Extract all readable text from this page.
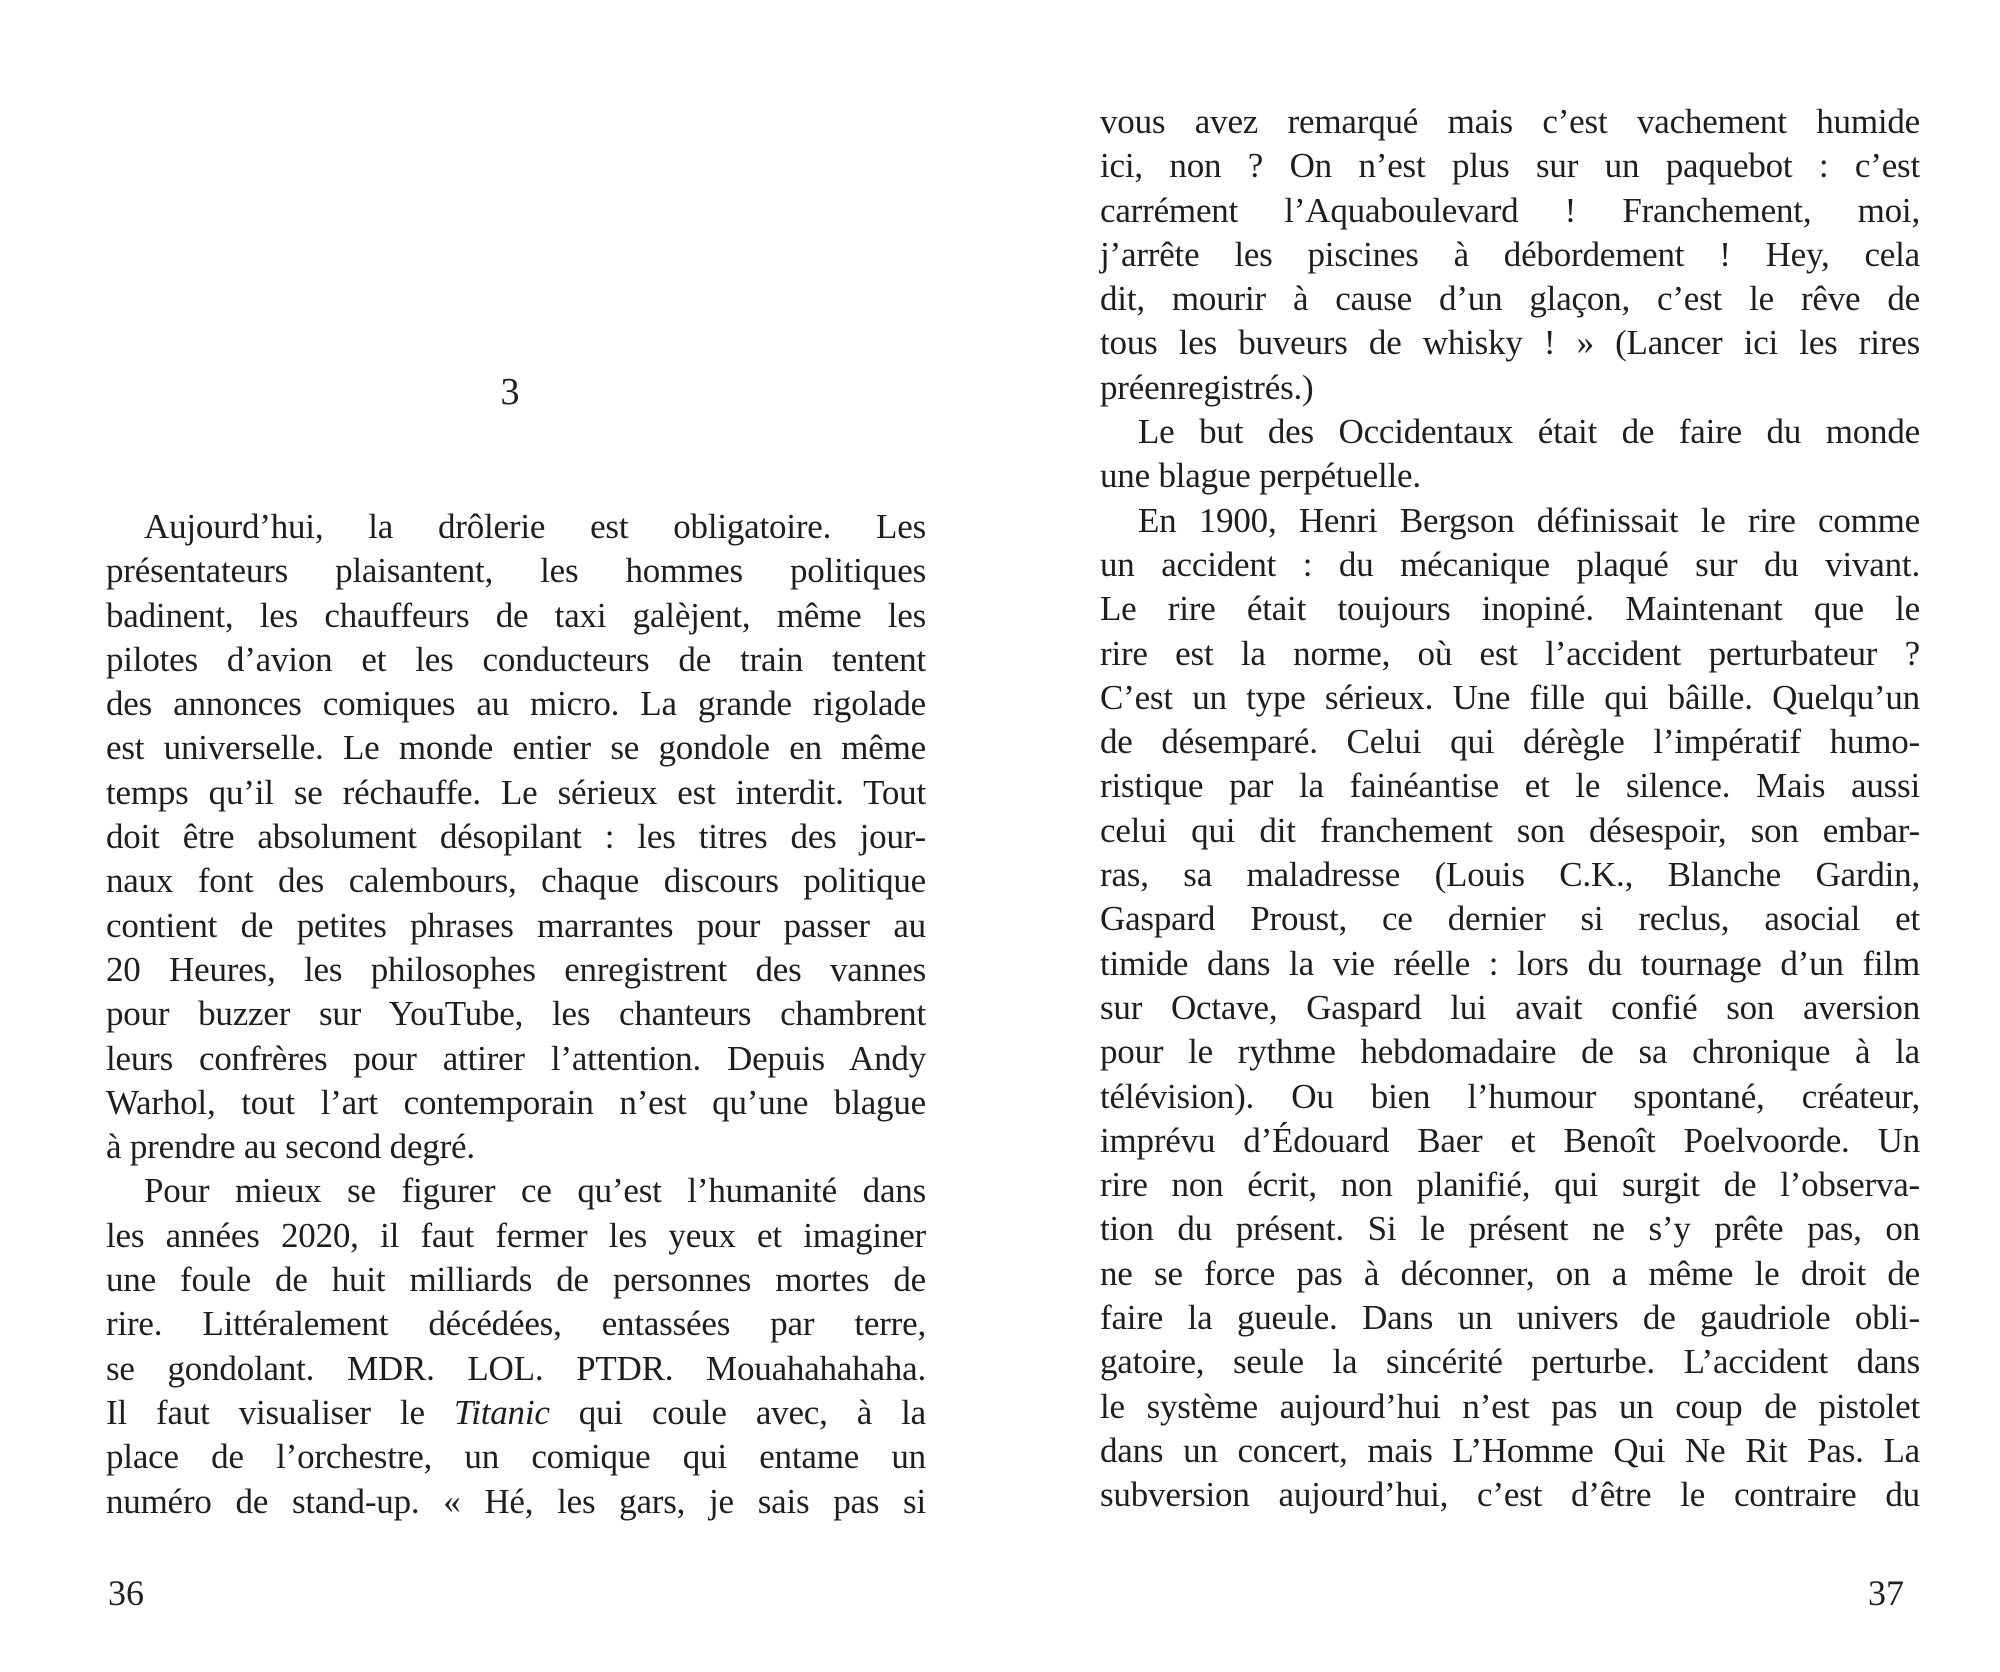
3
Aujourd’hui, la drôlerie est obligatoire. Les
présentateurs plaisantent, les hommes politiques
badinent, les chauffeurs de taxi galèjent, même les
pilotes d’avion et les conducteurs de train tentent
des annonces comiques au micro. La grande rigolade
est universelle. Le monde entier se gondole en même
temps qu’il se réchauffe. Le sérieux est interdit. Tout
doit être absolument désopilant : les titres des jour-
naux font des calembours, chaque discours politique
contient de petites phrases marrantes pour passer au
20 Heures, les philosophes enregistrent des vannes
pour buzzer sur YouTube, les chanteurs chambrent
leurs confrères pour attirer l’attention. Depuis Andy
Warhol, tout l’art contemporain n’est qu’une blague
à prendre au second degré.
Pour mieux se figurer ce qu’est l’humanité dans
les années 2020, il faut fermer les yeux et imaginer
une foule de huit milliards de personnes mortes de
rire. Littéralement décédées, entassées par terre,
se gondolant. MDR. LOL. PTDR. Mouahahahaha.
Il faut visualiser le Titanic qui coule avec, à la
place de l’orchestre, un comique qui entame un
numéro de stand-up. « Hé, les gars, je sais pas si
36
vous avez remarqué mais c’est vachement humide
ici, non ? On n’est plus sur un paquebot : c’est
carrément l’Aquaboulevard ! Franchement, moi,
j’arrête les piscines à débordement ! Hey, cela
dit, mourir à cause d’un glaçon, c’est le rêve de
tous les buveurs de whisky ! » (Lancer ici les rires
préenregistrés.)
Le but des Occidentaux était de faire du monde
une blague perpétuelle.
En 1900, Henri Bergson définissait le rire comme
un accident : du mécanique plaqué sur du vivant.
Le rire était toujours inopiné. Maintenant que le
rire est la norme, où est l’accident perturbateur ?
C’est un type sérieux. Une fille qui bâille. Quelqu’un
de désemparé. Celui qui dérègle l’impératif humo-
ristique par la fainéantise et le silence. Mais aussi
celui qui dit franchement son désespoir, son embar-
ras, sa maladresse (Louis C.K., Blanche Gardin,
Gaspard Proust, ce dernier si reclus, asocial et
timide dans la vie réelle : lors du tournage d’un film
sur Octave, Gaspard lui avait confié son aversion
pour le rythme hebdomadaire de sa chronique à la
télévision). Ou bien l’humour spontané, créateur,
imprévu d’Édouard Baer et Benoît Poelvoorde. Un
rire non écrit, non planifié, qui surgit de l’observa-
tion du présent. Si le présent ne s’y prête pas, on
ne se force pas à déconner, on a même le droit de
faire la gueule. Dans un univers de gaudriole obli-
gatoire, seule la sincérité perturbe. L’accident dans
le système aujourd’hui n’est pas un coup de pistolet
dans un concert, mais L’Homme Qui Ne Rit Pas. La
subversion aujourd’hui, c’est d’être le contraire du
37
